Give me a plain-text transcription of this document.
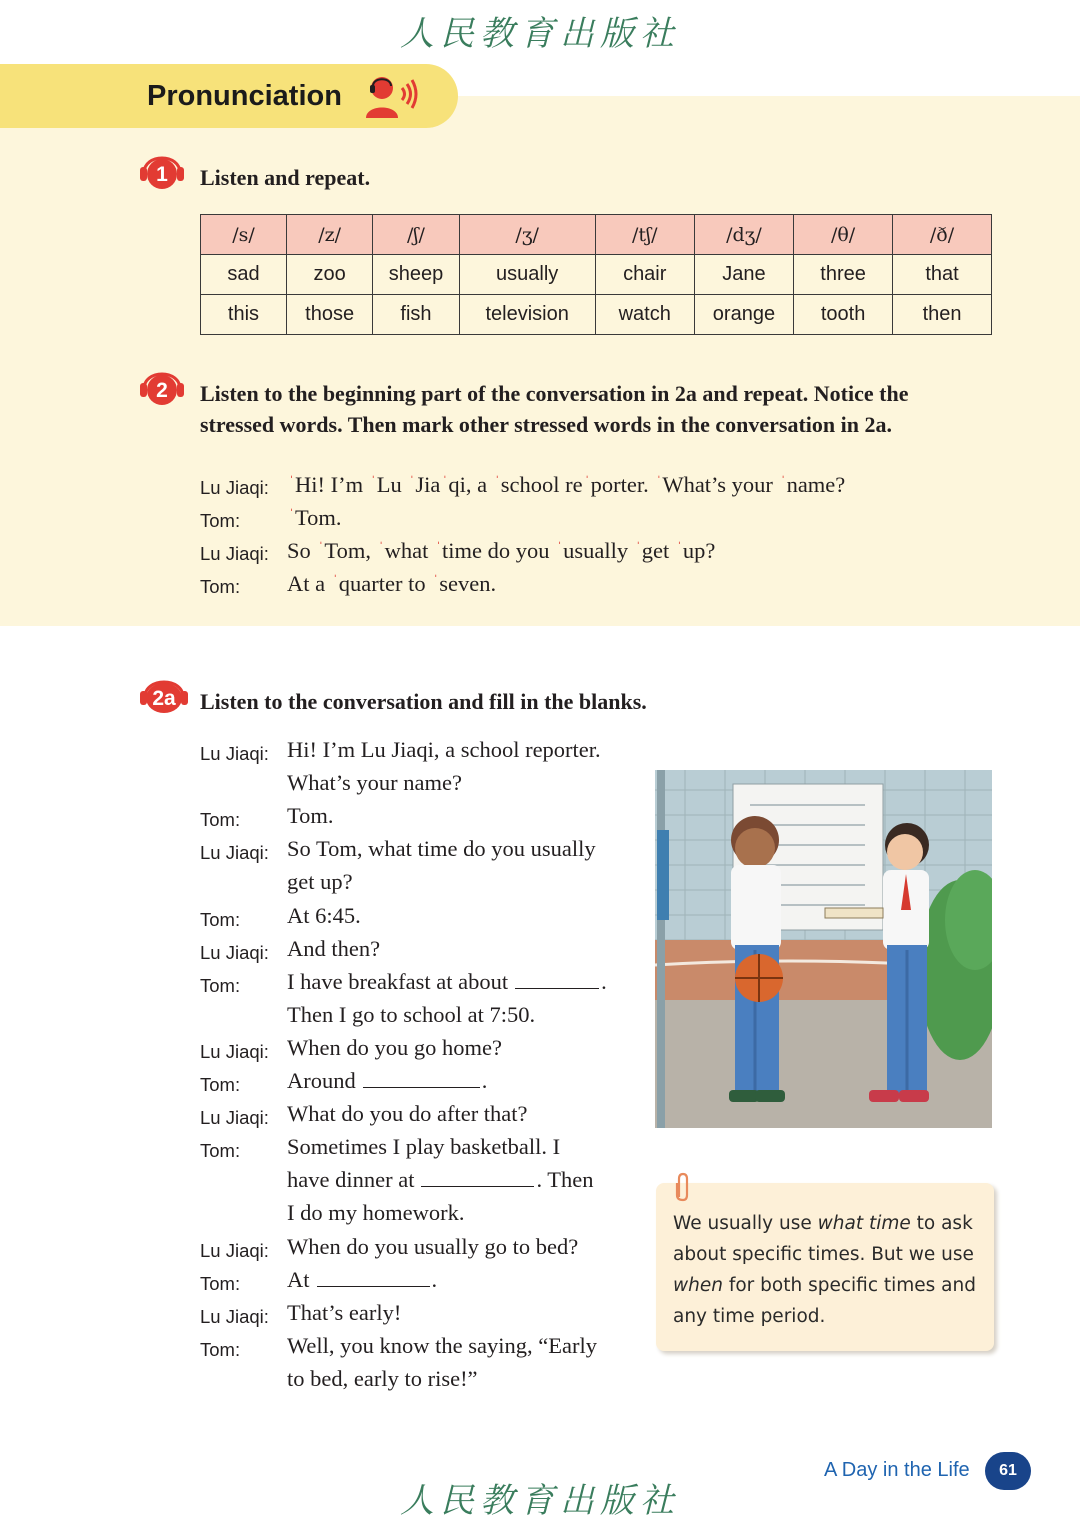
人民教育出版社
Pronunciation
1 Listen and repeat.
/s/	/z/	/ʃ/	/ʒ/	/tʃ/	/dʒ/	/θ/	/ð/
sad	zoo	sheep	usually	chair	Jane	three	that
this	those	fish	television	watch	orange	tooth	then
2 Listen to the beginning part of the conversation in 2a and repeat. Notice the
stressed words. Then mark other stressed words in the conversation in 2a.
Lu Jiaqi: $^ˈ$Hi! I’m $^ˈ$Lu $^ˈ$Jia $^ˈ$qi, a $^ˈ$school re $^ˈ$porter. $^ˈ$What’s your $^ˈ$name?
Tom:	$^ˈ$Tom.
Lu Jiaqi: So $^ˈ$Tom, $^ˈ$what $^ˈ$time do you $^ˈ$usually $^ˈ$get $^ˈ$up?
Tom: At a $^ˈ$quarter to $^ˈ$seven.
2a Listen to the conversation and fill in the blanks.
Lu Jiaqi: Hi! I’m Lu Jiaqi, a school reporter.
What’s your name?
Tom: Tom.
Lu Jiaqi: So Tom, what time do you usually
get up?
Tom: At 6:45.
Lu Jiaqi: And then?
Tom: I have breakfast at about	.
Then I go to school at 7:50.
Lu Jiaqi: When do you go home?
Tom: Around	.
Lu Jiaqi: What do you do after that?
Tom: Sometimes I play basketball. I
have dinner at	. Then
I do my homework.
Lu Jiaqi: When do you usually go to bed?
Tom: At	.
Lu Jiaqi: That’s early!
Tom: Well, you know the saying, “Early
to bed, early to rise!”
We usually use what time to ask about specific times. But we use when for both specific times and any time period.
A Day in the Life	61
人民教育出版社
